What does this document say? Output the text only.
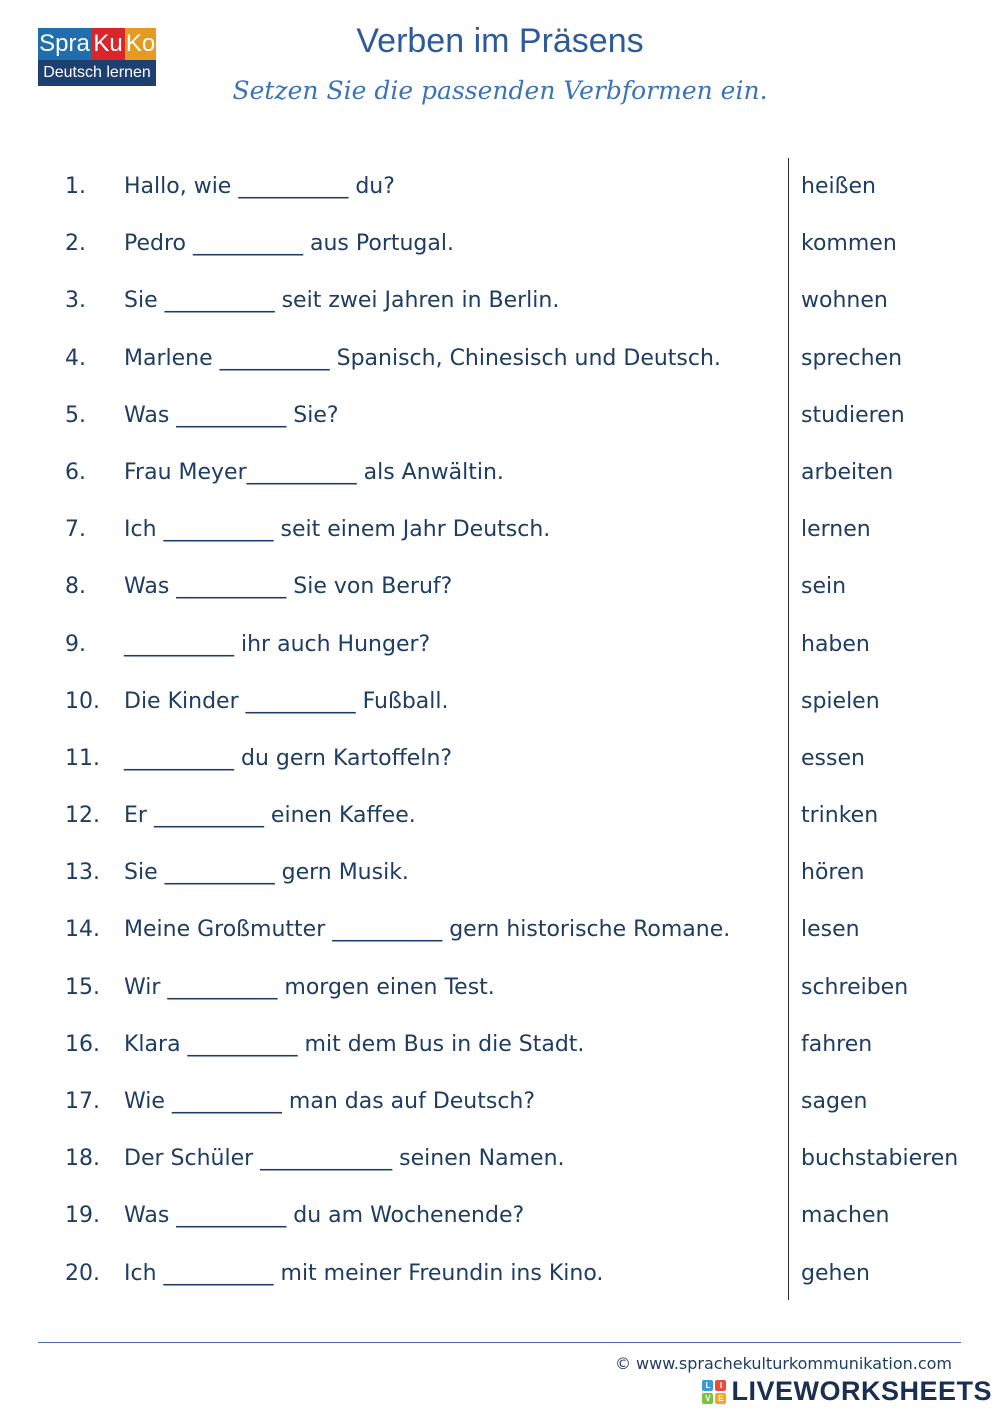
Spra Ku Ko
Deutsch lernen
Verben im Präsens
Setzen Sie die passenden Verbformen ein.
1. Hallo, wie __________ du?	heißen
2. Pedro __________ aus Portugal.	kommen
3. Sie __________ seit zwei Jahren in Berlin.	wohnen
4. Marlene __________ Spanisch, Chinesisch und Deutsch.	sprechen
5. Was __________ Sie?	studieren
6. Frau Meyer__________ als Anwältin.	arbeiten
7. Ich __________ seit einem Jahr Deutsch.	lernen
8. Was __________ Sie von Beruf?	sein
9. __________ ihr auch Hunger?	haben
10. Die Kinder __________ Fußball.	spielen
11. __________ du gern Kartoffeln?	essen
12. Er __________ einen Kaffee.	trinken
13. Sie __________ gern Musik.	hören
14. Meine Großmutter __________ gern historische Romane.	lesen
15. Wir __________ morgen einen Test.	schreiben
16. Klara __________ mit dem Bus in die Stadt.	fahren
17. Wie __________ man das auf Deutsch?	sagen
18. Der Schüler ____________ seinen Namen.	buchstabieren
19. Was __________ du am Wochenende?	machen
20. Ich __________ mit meiner Freundin ins Kino.	gehen
© www.sprachekulturkommunikation.com
L	I
V E LIVEWORKSHEETS
